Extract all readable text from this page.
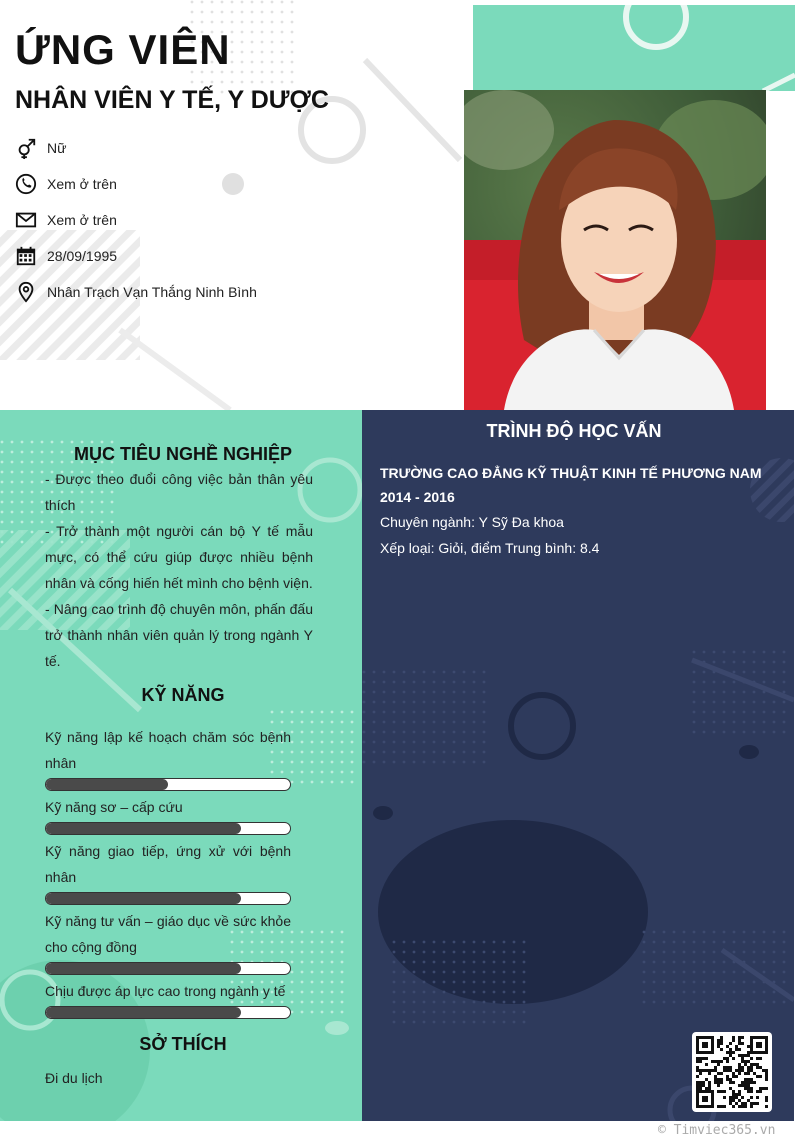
ỨNG VIÊN
NHÂN VIÊN Y TẾ, Y DƯỢC
Nữ
Xem ở trên
Xem ở trên
28/09/1995
Nhân Trạch Vạn Thắng Ninh Bình
MỤC TIÊU NGHỀ NGHIỆP

- Được theo đuổi công việc bản thân yêu thích

- Trở thành một người cán bộ Y tế mẫu mực, có thể cứu giúp được nhiều bệnh nhân và cống hiến hết mình cho bệnh viện.

- Nâng cao trình độ chuyên môn, phấn đấu trở thành nhân viên quản lý trong ngành Y tế.

KỸ NĂNG
Kỹ năng lập kế hoạch chăm sóc bệnh nhân
Kỹ năng sơ – cấp cứu
Kỹ năng giao tiếp, ứng xử với bệnh nhân
Kỹ năng tư vấn – giáo dục về sức khỏe cho cộng đồng
Chịu được áp lực cao trong ngành y tế
SỞ THÍCH
Đi du lịch
TRÌNH ĐỘ HỌC VẤN
TRƯỜNG CAO ĐẲNG KỸ THUẬT KINH TẾ PHƯƠNG NAM
2014 - 2016
Chuyên ngành: Y Sỹ Đa khoa
Xếp loại: Giỏi, điểm Trung bình: 8.4
© Timviec365.vn
